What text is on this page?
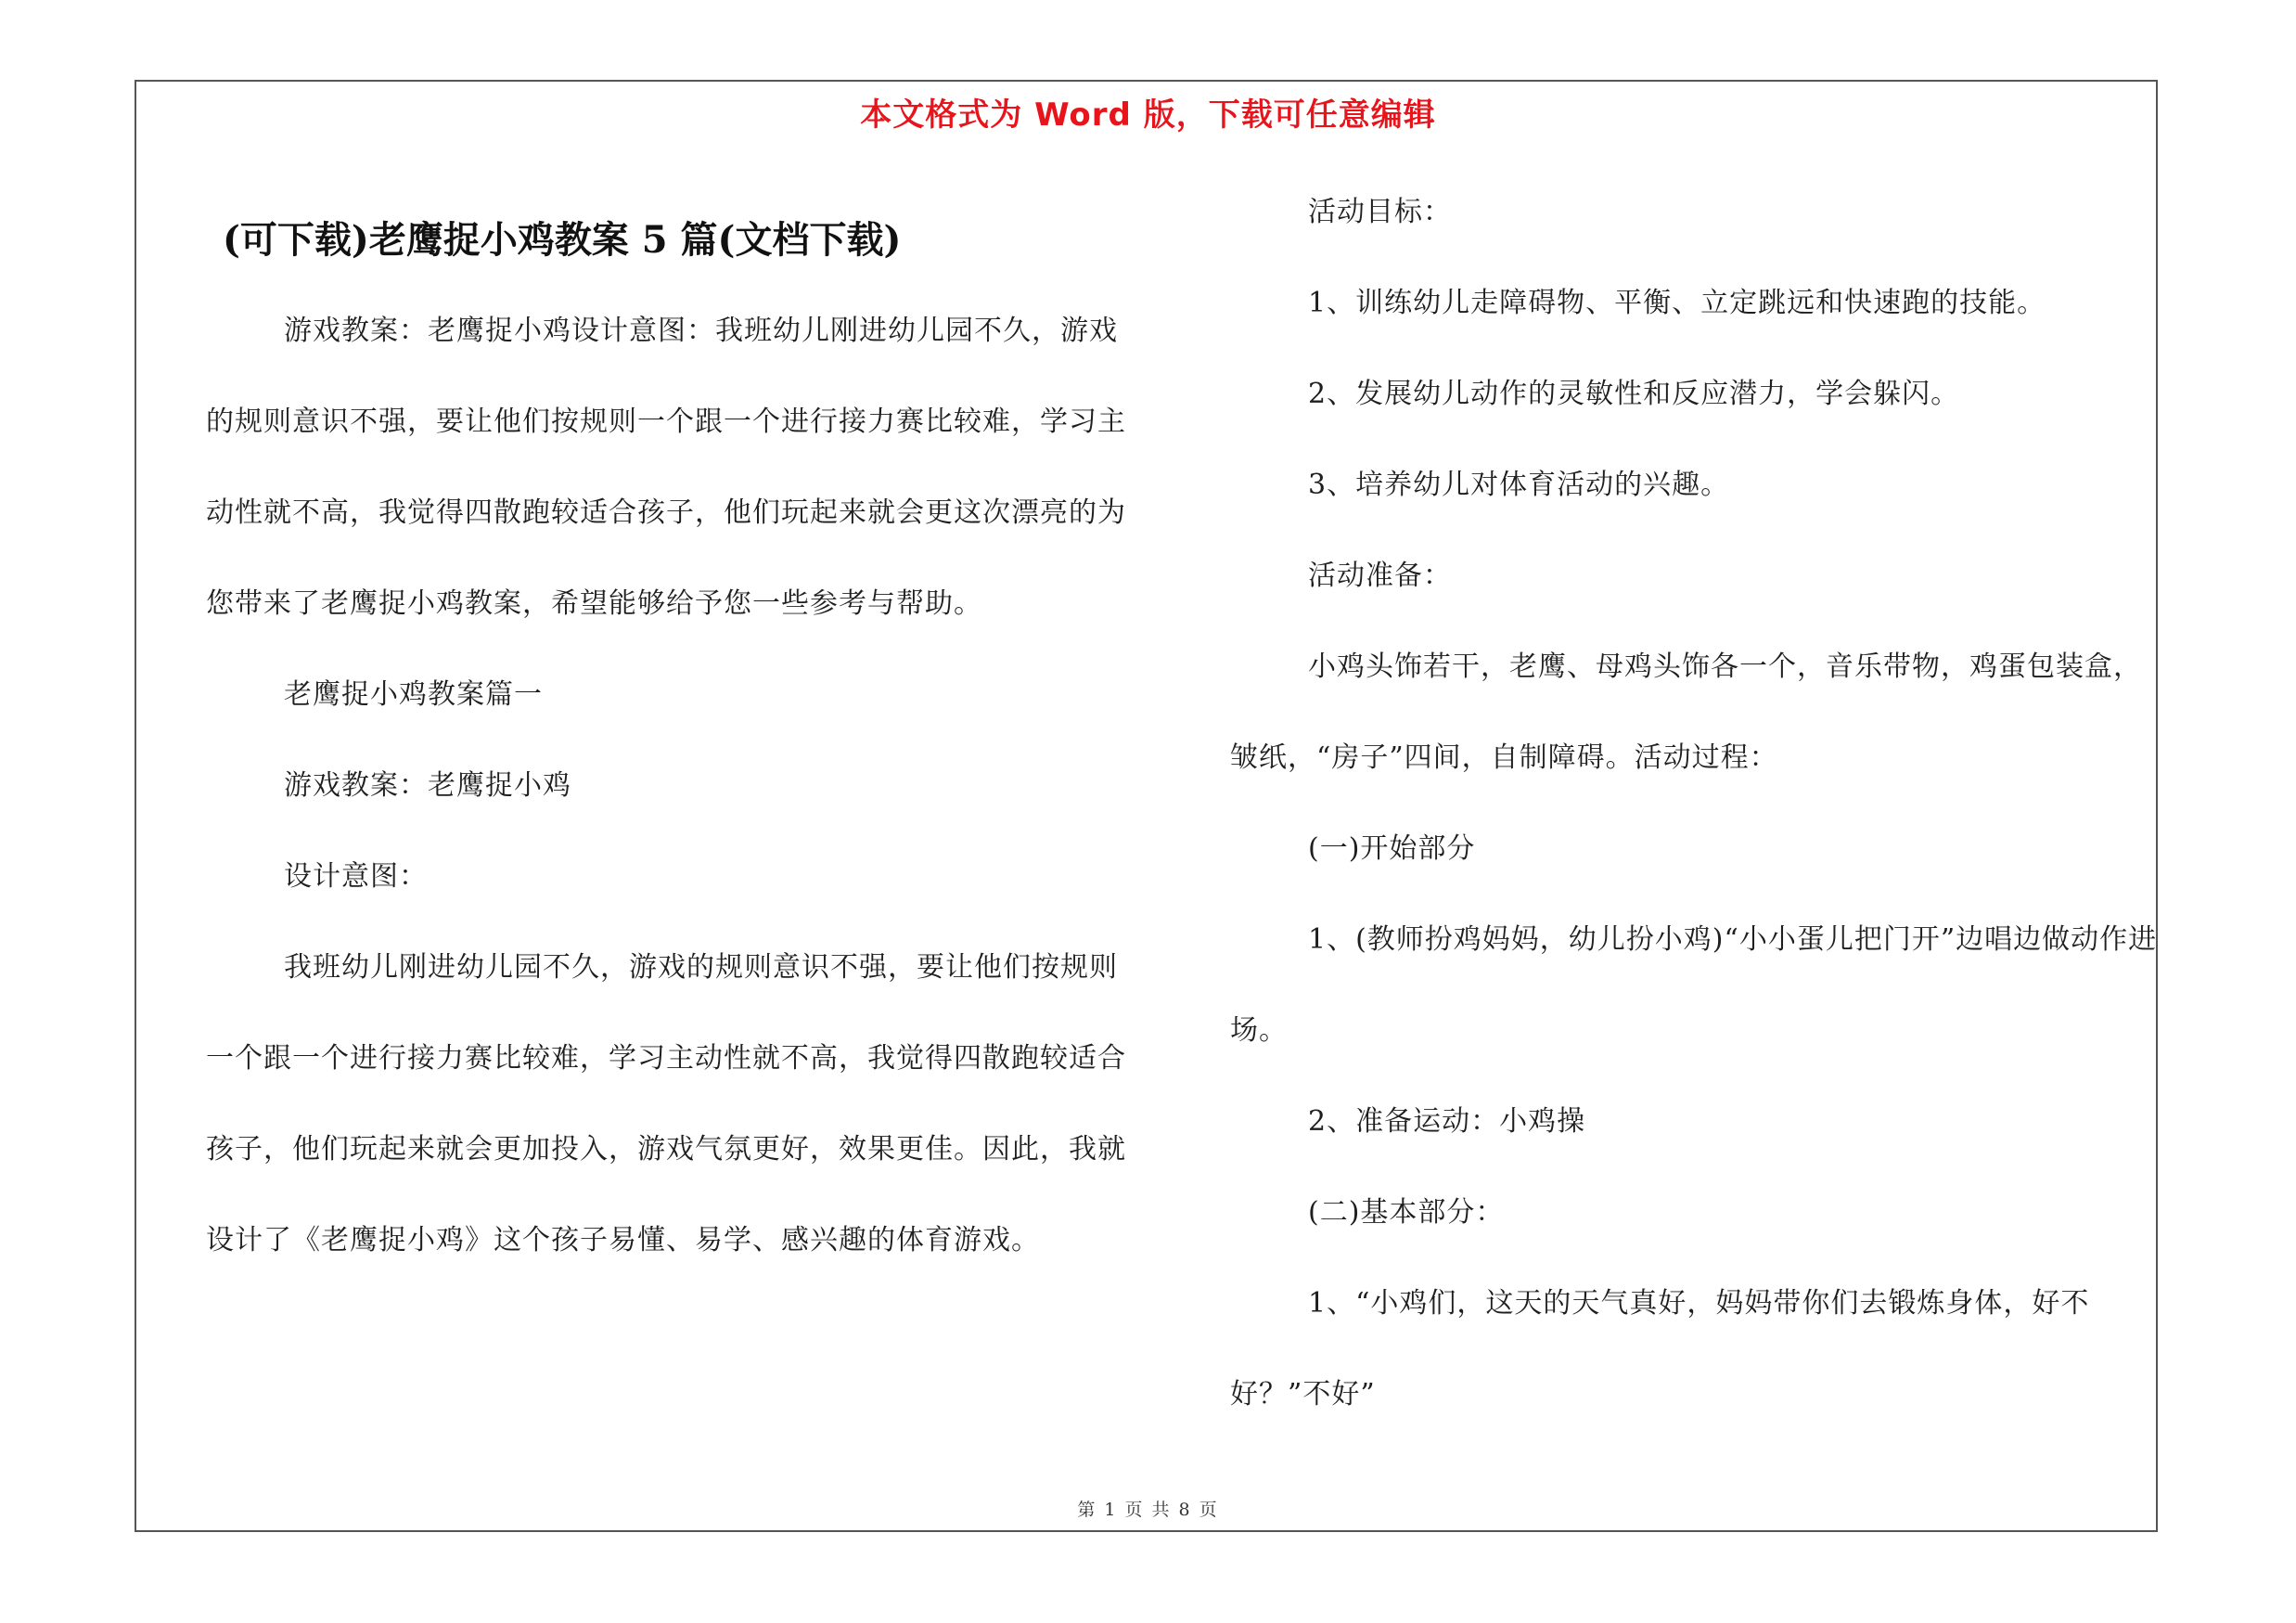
本文格式为 Word 版，下载可任意编辑
(可下载)老鹰捉小鸡教案 5 篇(文档下载)

游戏教案：老鹰捉小鸡设计意图：我班幼儿刚进幼儿园不久，游戏的规则意识不强，要让他们按规则一个跟一个进行接力赛比较难，学习主动性就不高，我觉得四散跑较适合孩子，他们玩起来就会更这次漂亮的为您带来了老鹰捉小鸡教案，希望能够给予您一些参考与帮助。

老鹰捉小鸡教案篇一

游戏教案：老鹰捉小鸡

设计意图：

我班幼儿刚进幼儿园不久，游戏的规则意识不强，要让他们按规则一个跟一个进行接力赛比较难，学习主动性就不高，我觉得四散跑较适合孩子，他们玩起来就会更加投入，游戏气氛更好，效果更佳。因此，我就设计了《老鹰捉小鸡》这个孩子易懂、易学、感兴趣的体育游戏。

活动目标：

1、训练幼儿走障碍物、平衡、立定跳远和快速跑的技能。

2、发展幼儿动作的灵敏性和反应潜力，学会躲闪。

3、培养幼儿对体育活动的兴趣。

活动准备：

小鸡头饰若干，老鹰、母鸡头饰各一个，音乐带物，鸡蛋包装盒，皱纸，“房子”四间，自制障碍。活动过程：

(一)开始部分

1、(教师扮鸡妈妈，幼儿扮小鸡)“小小蛋儿把门开”边唱边做动作进场。

2、准备运动：小鸡操

(二)基本部分：

1、“小鸡们，这天的天气真好，妈妈带你们去锻炼身体，好不好？”不好”

第 1 页 共 8 页
